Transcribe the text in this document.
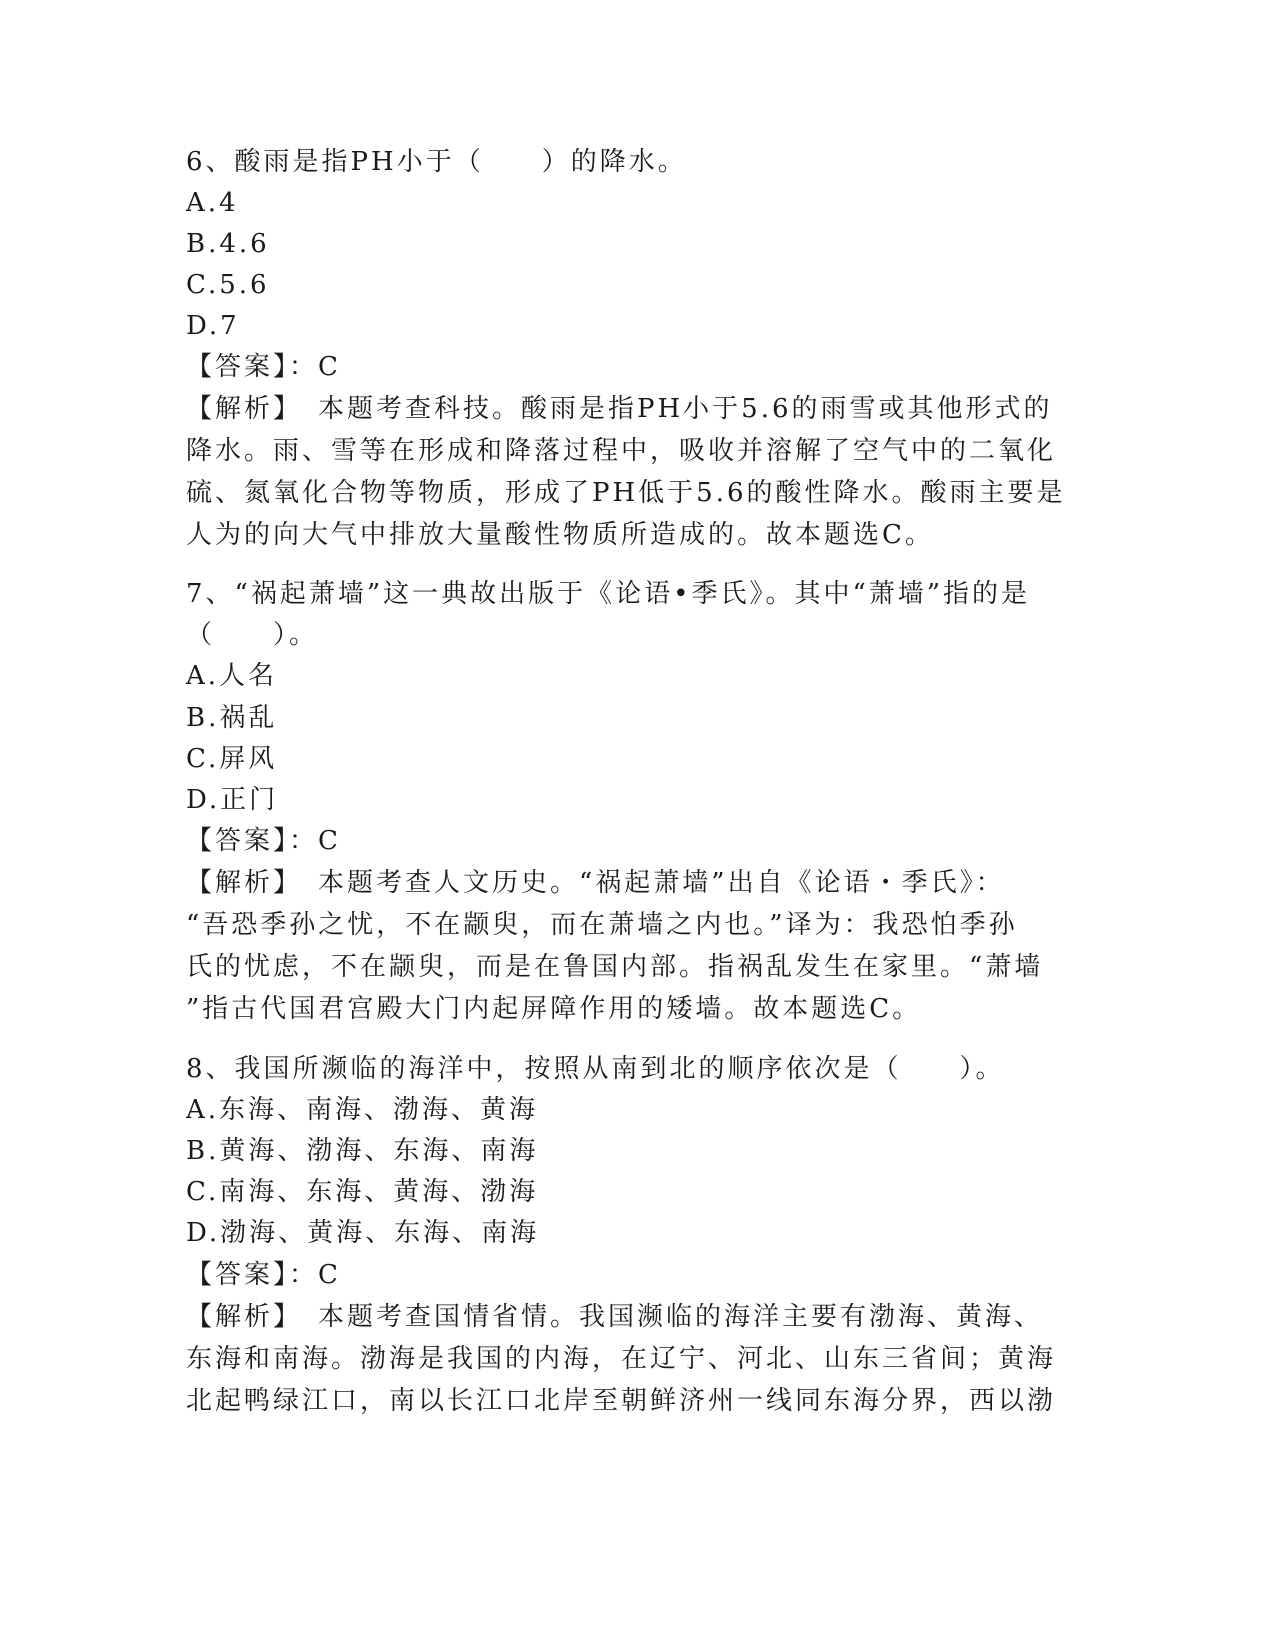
6、酸雨是指PH小于（　　）的降水。
A.4
B.4.6
C.5.6
D.7
【答案】：C
【解析】　本题考查科技。酸雨是指PH小于5.6的雨雪或其他形式的
降水。雨、雪等在形成和降落过程中，吸收并溶解了空气中的二氧化
硫、氮氧化合物等物质，形成了PH低于5.6的酸性降水。酸雨主要是
人为的向大气中排放大量酸性物质所造成的。故本题选C。
7、“祸起萧墙”这一典故出版于《论语•季氏》。其中“萧墙”指的是
（　　）。
A.人名
B.祸乱
C.屏风
D.正门
【答案】：C
【解析】　本题考查人文历史。“祸起萧墙”出自《论语・季氏》：
“吾恐季孙之忧，不在颛臾，而在萧墙之内也。”译为：我恐怕季孙
氏的忧虑，不在颛臾，而是在鲁国内部。指祸乱发生在家里。“萧墙
”指古代国君宫殿大门内起屏障作用的矮墙。故本题选C。
8、我国所濒临的海洋中，按照从南到北的顺序依次是（　　）。
A.东海、南海、渤海、黄海
B.黄海、渤海、东海、南海
C.南海、东海、黄海、渤海
D.渤海、黄海、东海、南海
【答案】：C
【解析】　本题考查国情省情。我国濒临的海洋主要有渤海、黄海、
东海和南海。渤海是我国的内海，在辽宁、河北、山东三省间；黄海
北起鸭绿江口，南以长江口北岸至朝鲜济州一线同东海分界，西以渤
